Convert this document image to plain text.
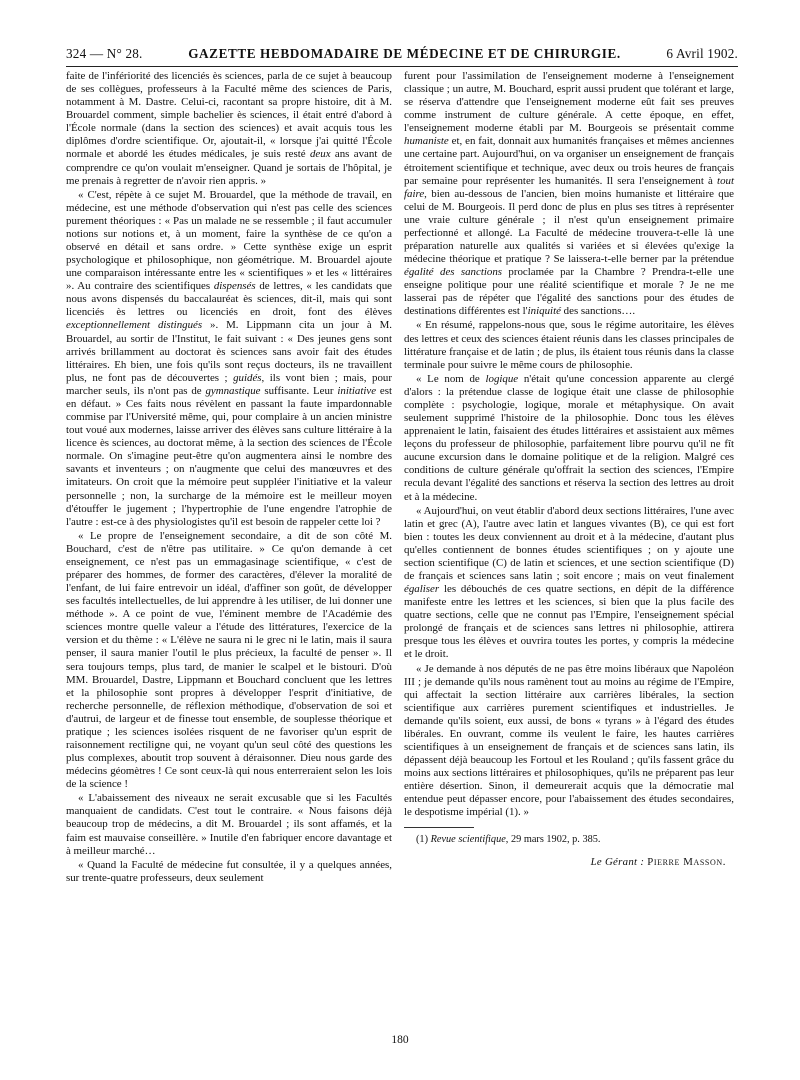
324 — N° 28.	GAZETTE HEBDOMADAIRE DE MÉDECINE ET DE CHIRURGIE.	6 Avril 1902.

faite de l'infériorité des licenciés ès sciences, parla de ce sujet à beaucoup de ses collègues, professeurs à la Faculté même des sciences de Paris, notamment à M. Dastre. Celui-ci, racontant sa propre histoire, dit à M. Brouardel comment, simple bachelier ès sciences, il était entré d'abord à l'École normale (dans la section des sciences) et avait acquis tous les diplômes d'ordre scientifique. Or, ajoutait-il, « lorsque j'ai quitté l'École normale et abordé les études médicales, je suis resté deux ans avant de comprendre ce qu'on voulait m'enseigner. Quand je sortais de l'hôpital, je me prenais à regretter de n'avoir rien appris. »

« C'est, répète à ce sujet M. Brouardel, que la méthode de travail, en médecine, est une méthode d'observation qui n'est pas celle des sciences purement théoriques : « Pas un malade ne se ressemble ; il faut accumuler notions sur notions et, à un moment, faire la synthèse de ce qu'on a observé en détail et sans ordre. » Cette synthèse exige un esprit psychologique et philosophique, non géométrique. M. Brouardel ajoute une comparaison intéressante entre les « scientifiques » et les « littéraires ». Au contraire des scientifiques dispensés de lettres, « les candidats que nous avons dispensés du baccalauréat ès sciences, dit-il, mais qui sont licenciés ès lettres ou licenciés en droit, font des élèves exceptionnellement distingués ». M. Lippmann cita un jour à M. Brouardel, au sortir de l'Institut, le fait suivant : « Des jeunes gens sont arrivés brillamment au doctorat ès sciences sans avoir fait des études littéraires. Eh bien, une fois qu'ils sont reçus docteurs, ils ne travaillent plus, ne font pas de découvertes ; guidés, ils vont bien ; mais, pour marcher seuls, ils n'ont pas de gymnastique suffisante. Leur initiative est en défaut. » Ces faits nous révèlent en passant la faute impardonnable commise par l'Université même, qui, pour complaire à un ancien ministre tout voué aux modernes, laisse arriver des élèves sans culture littéraire à la licence ès sciences, au doctorat même, à la section des sciences de l'École normale. On s'imagine peut-être qu'on augmentera ainsi le nombre des savants et inventeurs ; on n'augmente que celui des manœuvres et des imitateurs. On croit que la mémoire peut suppléer l'initiative et la valeur personnelle ; non, la surcharge de la mémoire est le meilleur moyen d'étouffer le jugement ; l'hypertrophie de l'une engendre l'atrophie de l'autre : est-ce à des physiologistes qu'il est besoin de rappeler cette loi ?

« Le propre de l'enseignement secondaire, a dit de son côté M. Bouchard, c'est de n'être pas utilitaire. » Ce qu'on demande à cet enseignement, ce n'est pas un emmagasinage scientifique, « c'est de préparer des hommes, de former des caractères, d'élever la moralité de l'enfant, de lui faire entrevoir un idéal, d'affiner son goût, de développer ses facultés intellectuelles, de lui apprendre à les utiliser, de lui donner une méthode ». A ce point de vue, l'éminent membre de l'Académie des sciences montre quelle valeur a l'étude des littératures, l'exercice de la version et du thème : « L'élève ne saura ni le grec ni le latin, mais il saura penser, il saura manier l'outil le plus précieux, la faculté de penser ». Il sera toujours temps, plus tard, de manier le scalpel et le bistouri. D'où MM. Brouardel, Dastre, Lippmann et Bouchard concluent que les lettres et la philosophie sont propres à développer l'esprit d'initiative, de recherche personnelle, de réflexion méthodique, d'observation de soi et d'autrui, de largeur et de finesse tout ensemble, de souplesse théorique et pratique ; les sciences isolées risquent de ne favoriser qu'un esprit de raisonnement rectiligne qui, ne voyant qu'un seul côté des questions les plus complexes, aboutit trop souvent à déraisonner. Dieu nous garde des médecins géomètres ! Ce sont ceux-là qui nous enterreraient selon les lois de la science !

« L'abaissement des niveaux ne serait excusable que si les Facultés manquaient de candidats. C'est tout le contraire. « Nous faisons déjà beaucoup trop de médecins, a dit M. Brouardel ; ils sont affamés, et la faim est mauvaise conseillère. » Inutile d'en fabriquer encore davantage et à meilleur marché…

« Quand la Faculté de médecine fut consultée, il y a quelques années, sur trente-quatre professeurs, deux seulement

furent pour l'assimilation de l'enseignement moderne à l'enseignement classique ; un autre, M. Bouchard, esprit aussi prudent que tolérant et large, se réserva d'attendre que l'enseignement moderne eût fait ses preuves comme instrument de culture générale. A cette époque, en effet, l'enseignement moderne établi par M. Bourgeois se présentait comme humaniste et, en fait, donnait aux humanités françaises et mêmes anciennes une certaine part. Aujourd'hui, on va organiser un enseignement de français étroitement scientifique et technique, avec deux ou trois heures de français par semaine pour représenter les humanités. Il sera l'enseignement à tout faire, bien au-dessous de l'ancien, bien moins humaniste et littéraire que celui de M. Bourgeois. Il perd donc de plus en plus ses titres à représenter une vraie culture générale ; il n'est qu'un enseignement primaire perfectionné et allongé. La Faculté de médecine trouvera-t-elle là une préparation naturelle aux qualités si variées et si élevées qu'exige la médecine théorique et pratique ? Se laissera-t-elle berner par la prétendue égalité des sanctions proclamée par la Chambre ? Prendra-t-elle une enseigne politique pour une réalité scientifique et morale ? Je ne me lasserai pas de répéter que l'égalité des sanctions pour des études de destinations différentes est l'iniquité des sanctions….

« En résumé, rappelons-nous que, sous le régime autoritaire, les élèves des lettres et ceux des sciences étaient réunis dans les classes principales de littérature française et de latin ; de plus, ils étaient tous réunis dans la classe terminale pour suivre le même cours de philosophie.

« Le nom de logique n'était qu'une concession apparente au clergé d'alors : la prétendue classe de logique était une classe de philosophie complète : psychologie, logique, morale et métaphysique. On avait seulement supprimé l'histoire de la philosophie. Donc tous les élèves apprenaient le latin, faisaient des études littéraires et assistaient aux mêmes leçons du professeur de philosophie, parfaitement libre pourvu qu'il ne fît aucune excursion dans le domaine politique et de la religion. Malgré ces conditions de culture générale qu'offrait la section des sciences, l'Empire recula devant l'égalité des sanctions et réserva la section des lettres au droit et à la médecine.

« Aujourd'hui, on veut établir d'abord deux sections littéraires, l'une avec latin et grec (A), l'autre avec latin et langues vivantes (B), ce qui est fort bien : toutes les deux conviennent au droit et à la médecine, d'autant plus qu'elles contiennent de bonnes études scientifiques ; on y ajoute une section scientifique (C) de latin et sciences, et une section scientifique (D) de français et sciences sans latin ; soit encore ; mais on veut finalement égaliser les débouchés de ces quatre sections, en dépit de la différence manifeste entre les lettres et les sciences, si bien que la plus facile des quatre sections, celle que ne connut pas l'Empire, l'enseignement spécial prolongé de français et de sciences sans lettres ni philosophie, attirera presque tous les élèves et ouvrira toutes les portes, y compris la médecine et le droit.

« Je demande à nos députés de ne pas être moins libéraux que Napoléon III ; je demande qu'ils nous ramènent tout au moins au régime de l'Empire, qui affectait la section littéraire aux carrières libérales, la section scientifique aux carrières purement scientifiques et industrielles. Je demande qu'ils soient, eux aussi, de bons « tyrans » à l'égard des études libérales. En ouvrant, comme ils veulent le faire, les hautes carrières scientifiques à un enseignement de français et de sciences sans latin, ils dépassent déjà beaucoup les Fortoul et les Rouland ; qu'ils fassent grâce du moins aux sections littéraires et philosophiques, qu'ils ne préparent pas leur entière désertion. Sinon, il demeurerait acquis que la démocratie mal entendue peut dépasser encore, pour l'abaissement des études secondaires, le despotisme impérial (1). »

(1) Revue scientifique, 29 mars 1902, p. 385.

Le Gérant : Pierre Masson.
180
